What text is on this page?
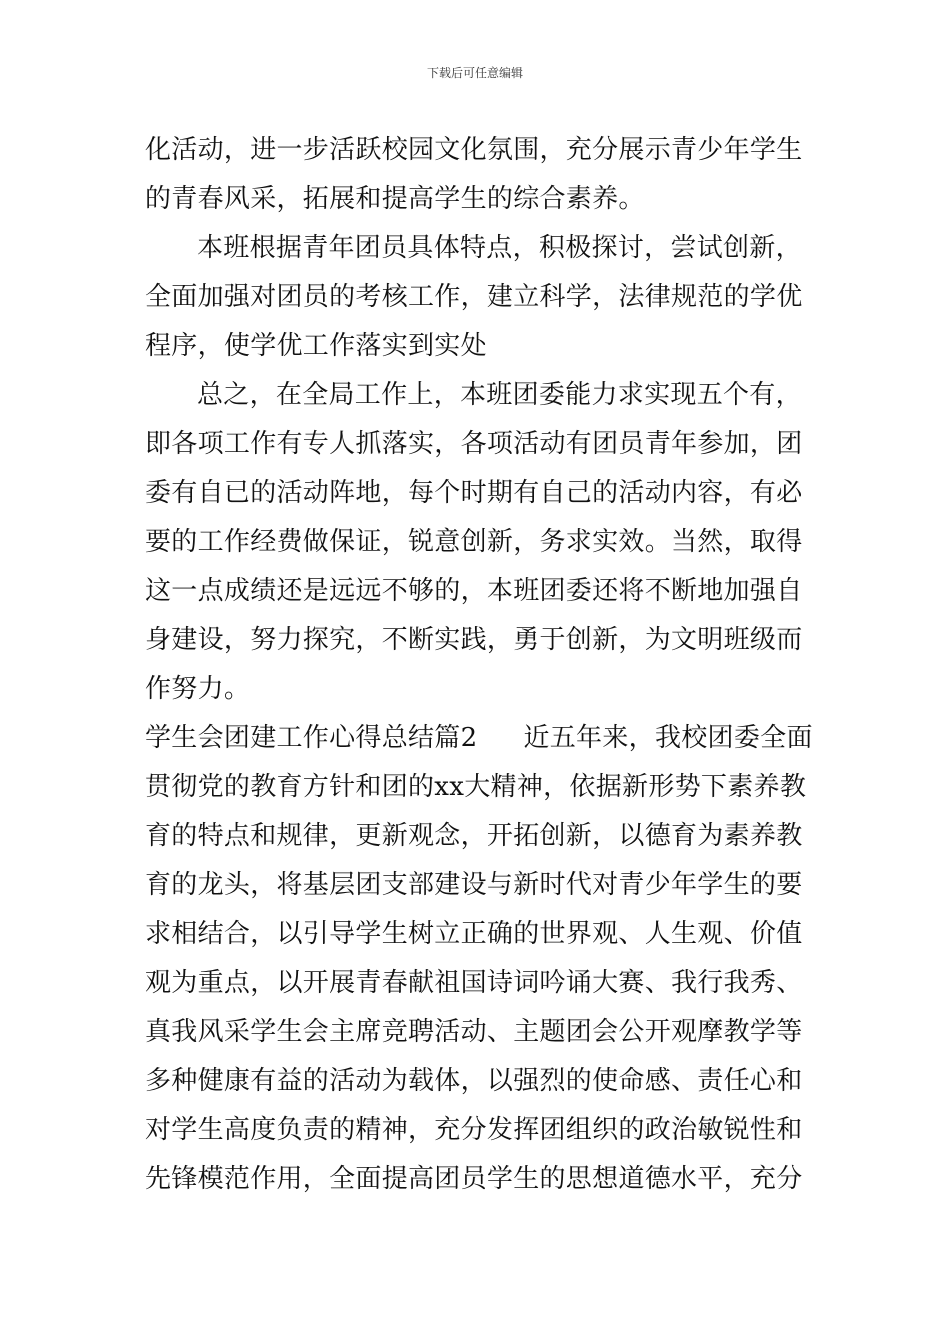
下载后可任意编辑
化活动，进一步活跃校园文化氛围，充分展示青少年学生
的青春风采，拓展和提高学生的综合素养。
本班根据青年团员具体特点，积极探讨，尝试创新，
全面加强对团员的考核工作，建立科学，法律规范的学优
程序，使学优工作落实到实处
总之，在全局工作上，本班团委能力求实现五个有，
即各项工作有专人抓落实，各项活动有团员青年参加，团
委有自已的活动阵地，每个时期有自己的活动内容，有必
要的工作经费做保证，锐意创新，务求实效。当然，取得
这一点成绩还是远远不够的，本班团委还将不断地加强自
身建设，努力探究，不断实践，勇于创新，为文明班级而
作努力。
学生会团建工作心得总结篇2 近五年来，我校团委全面
贯彻党的教育方针和团的xx大精神，依据新形势下素养教
育的特点和规律，更新观念，开拓创新，以德育为素养教
育的龙头，将基层团支部建设与新时代对青少年学生的要
求相结合，以引导学生树立正确的世界观、人生观、价值
观为重点，以开展青春献祖国诗词吟诵大赛、我行我秀、
真我风采学生会主席竞聘活动、主题团会公开观摩教学等
多种健康有益的活动为载体，以强烈的使命感、责任心和
对学生高度负责的精神，充分发挥团组织的政治敏锐性和
先锋模范作用，全面提高团员学生的思想道德水平，充分
